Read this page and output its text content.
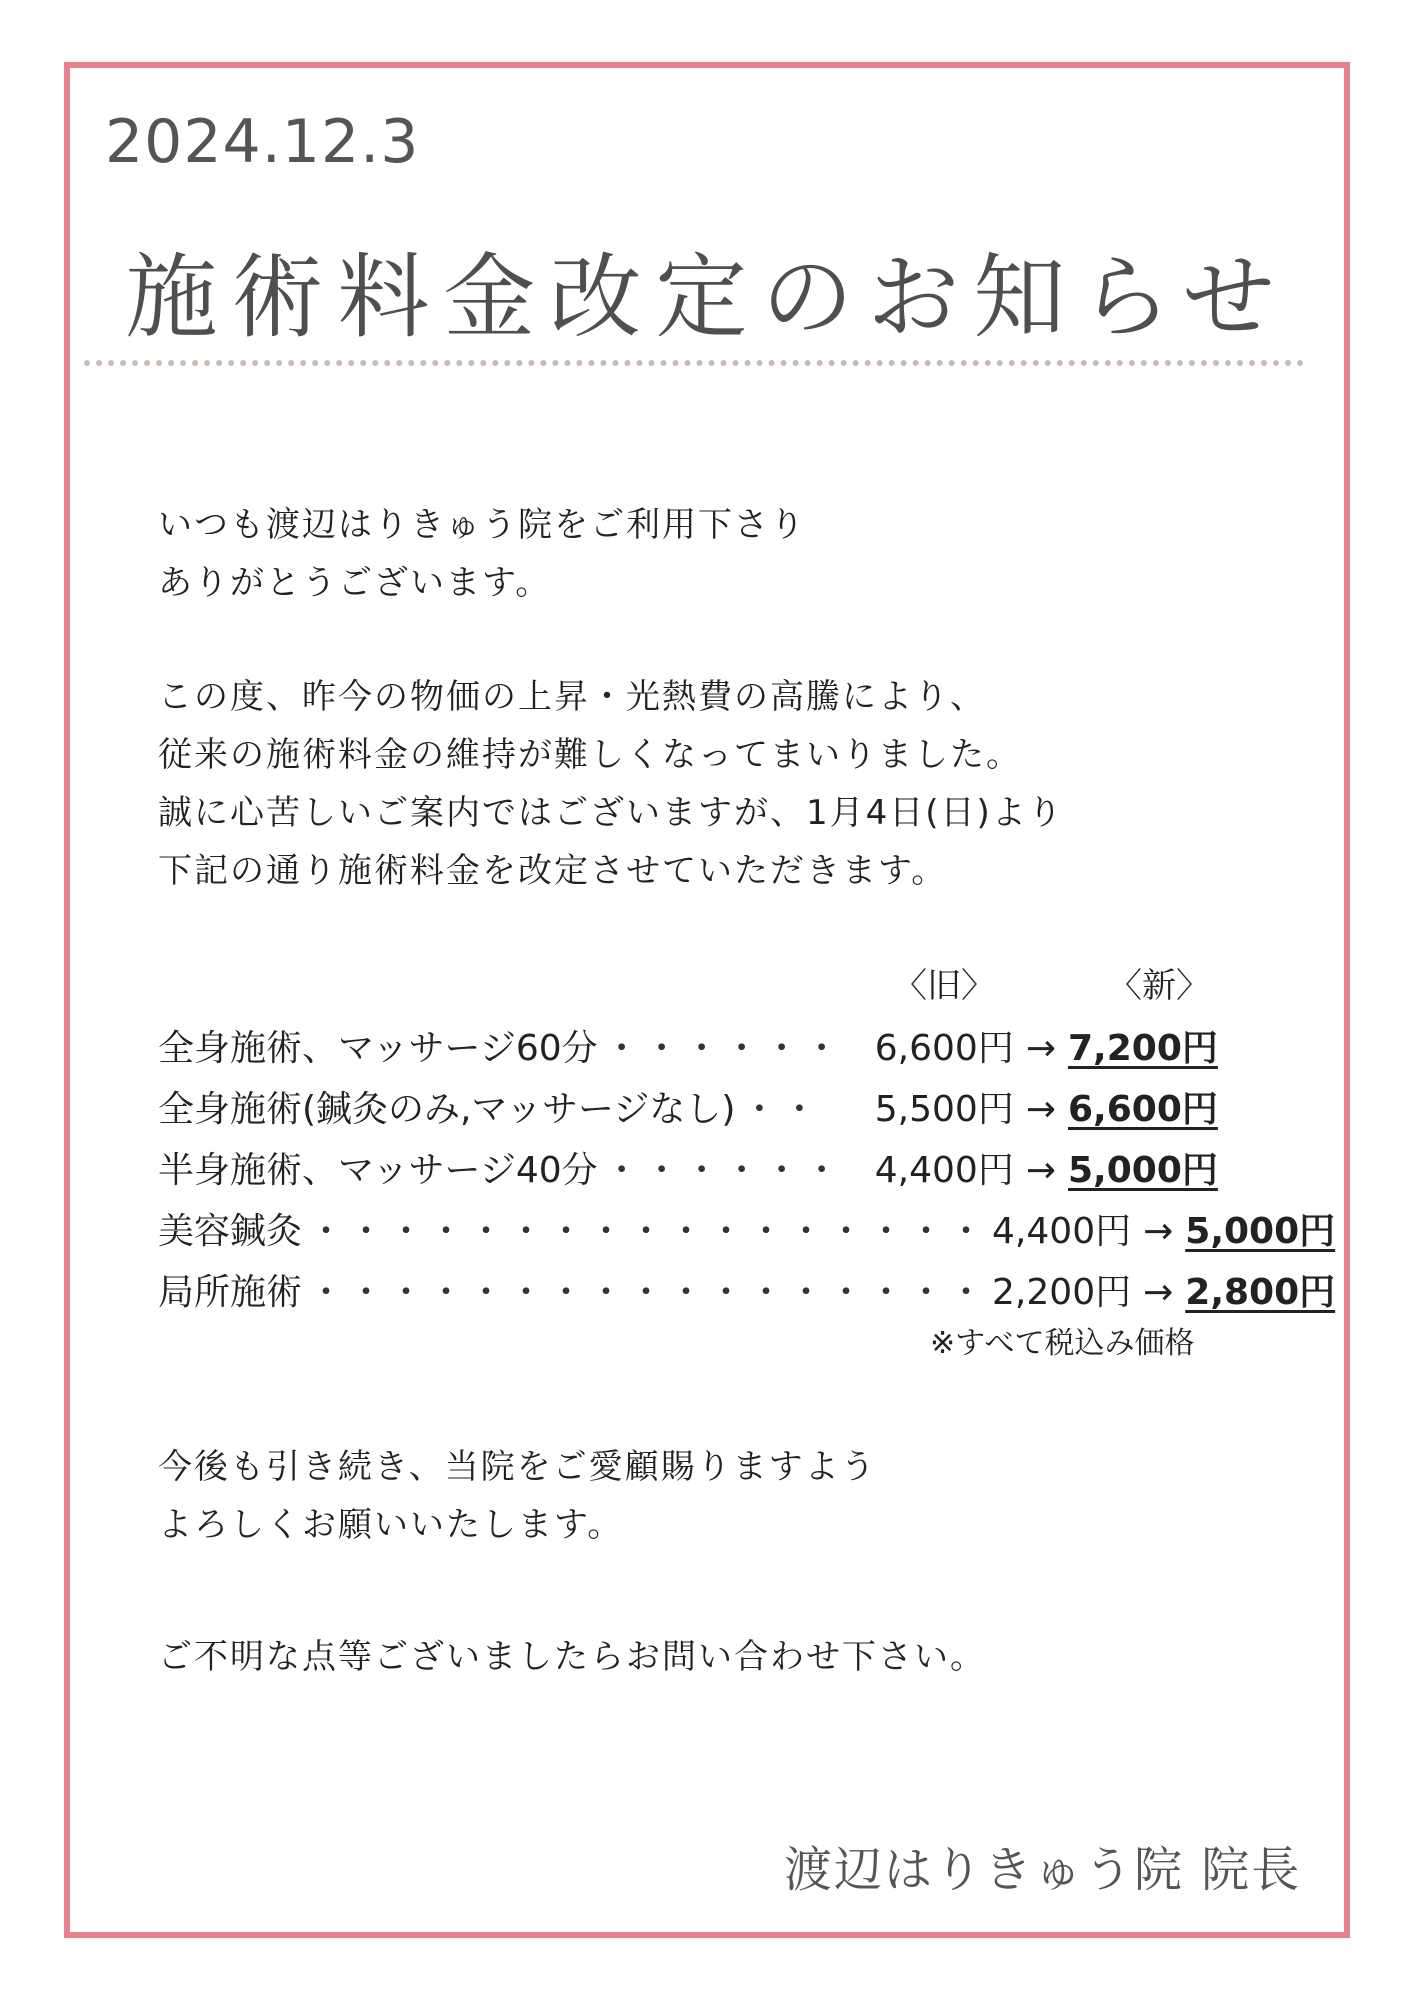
2024.12.3
施術料金改定のお知らせ
いつも渡辺はりきゅう院をご利用下さり
ありがとうございます。
この度、昨今の物価の上昇・光熱費の高騰により、
従来の施術料金の維持が難しくなってまいりました。
誠に心苦しいご案内ではございますが、1月4日(日)より
下記の通り施術料金を改定させていただきます。
〈旧〉	〈新〉
全身施術、マッサージ60分 ・・・・・・ 6,600円 → 7,200円
全身施術(鍼灸のみ,マッサージなし) ・・	5,500円 → 6,600円
半身施術、マッサージ40分 ・・・・・・ 4,400円 → 5,000円
美容鍼灸 ・・・・・・・・・・・・・・・・・ 4,400円 → 5,000円
局所施術 ・・・・・・・・・・・・・・・・・ 2,200円 → 2,800円
※すべて税込み価格
今後も引き続き、当院をご愛顧賜りますよう
よろしくお願いいたします。
ご不明な点等ございましたらお問い合わせ下さい。
渡辺はりきゅう院 院長
